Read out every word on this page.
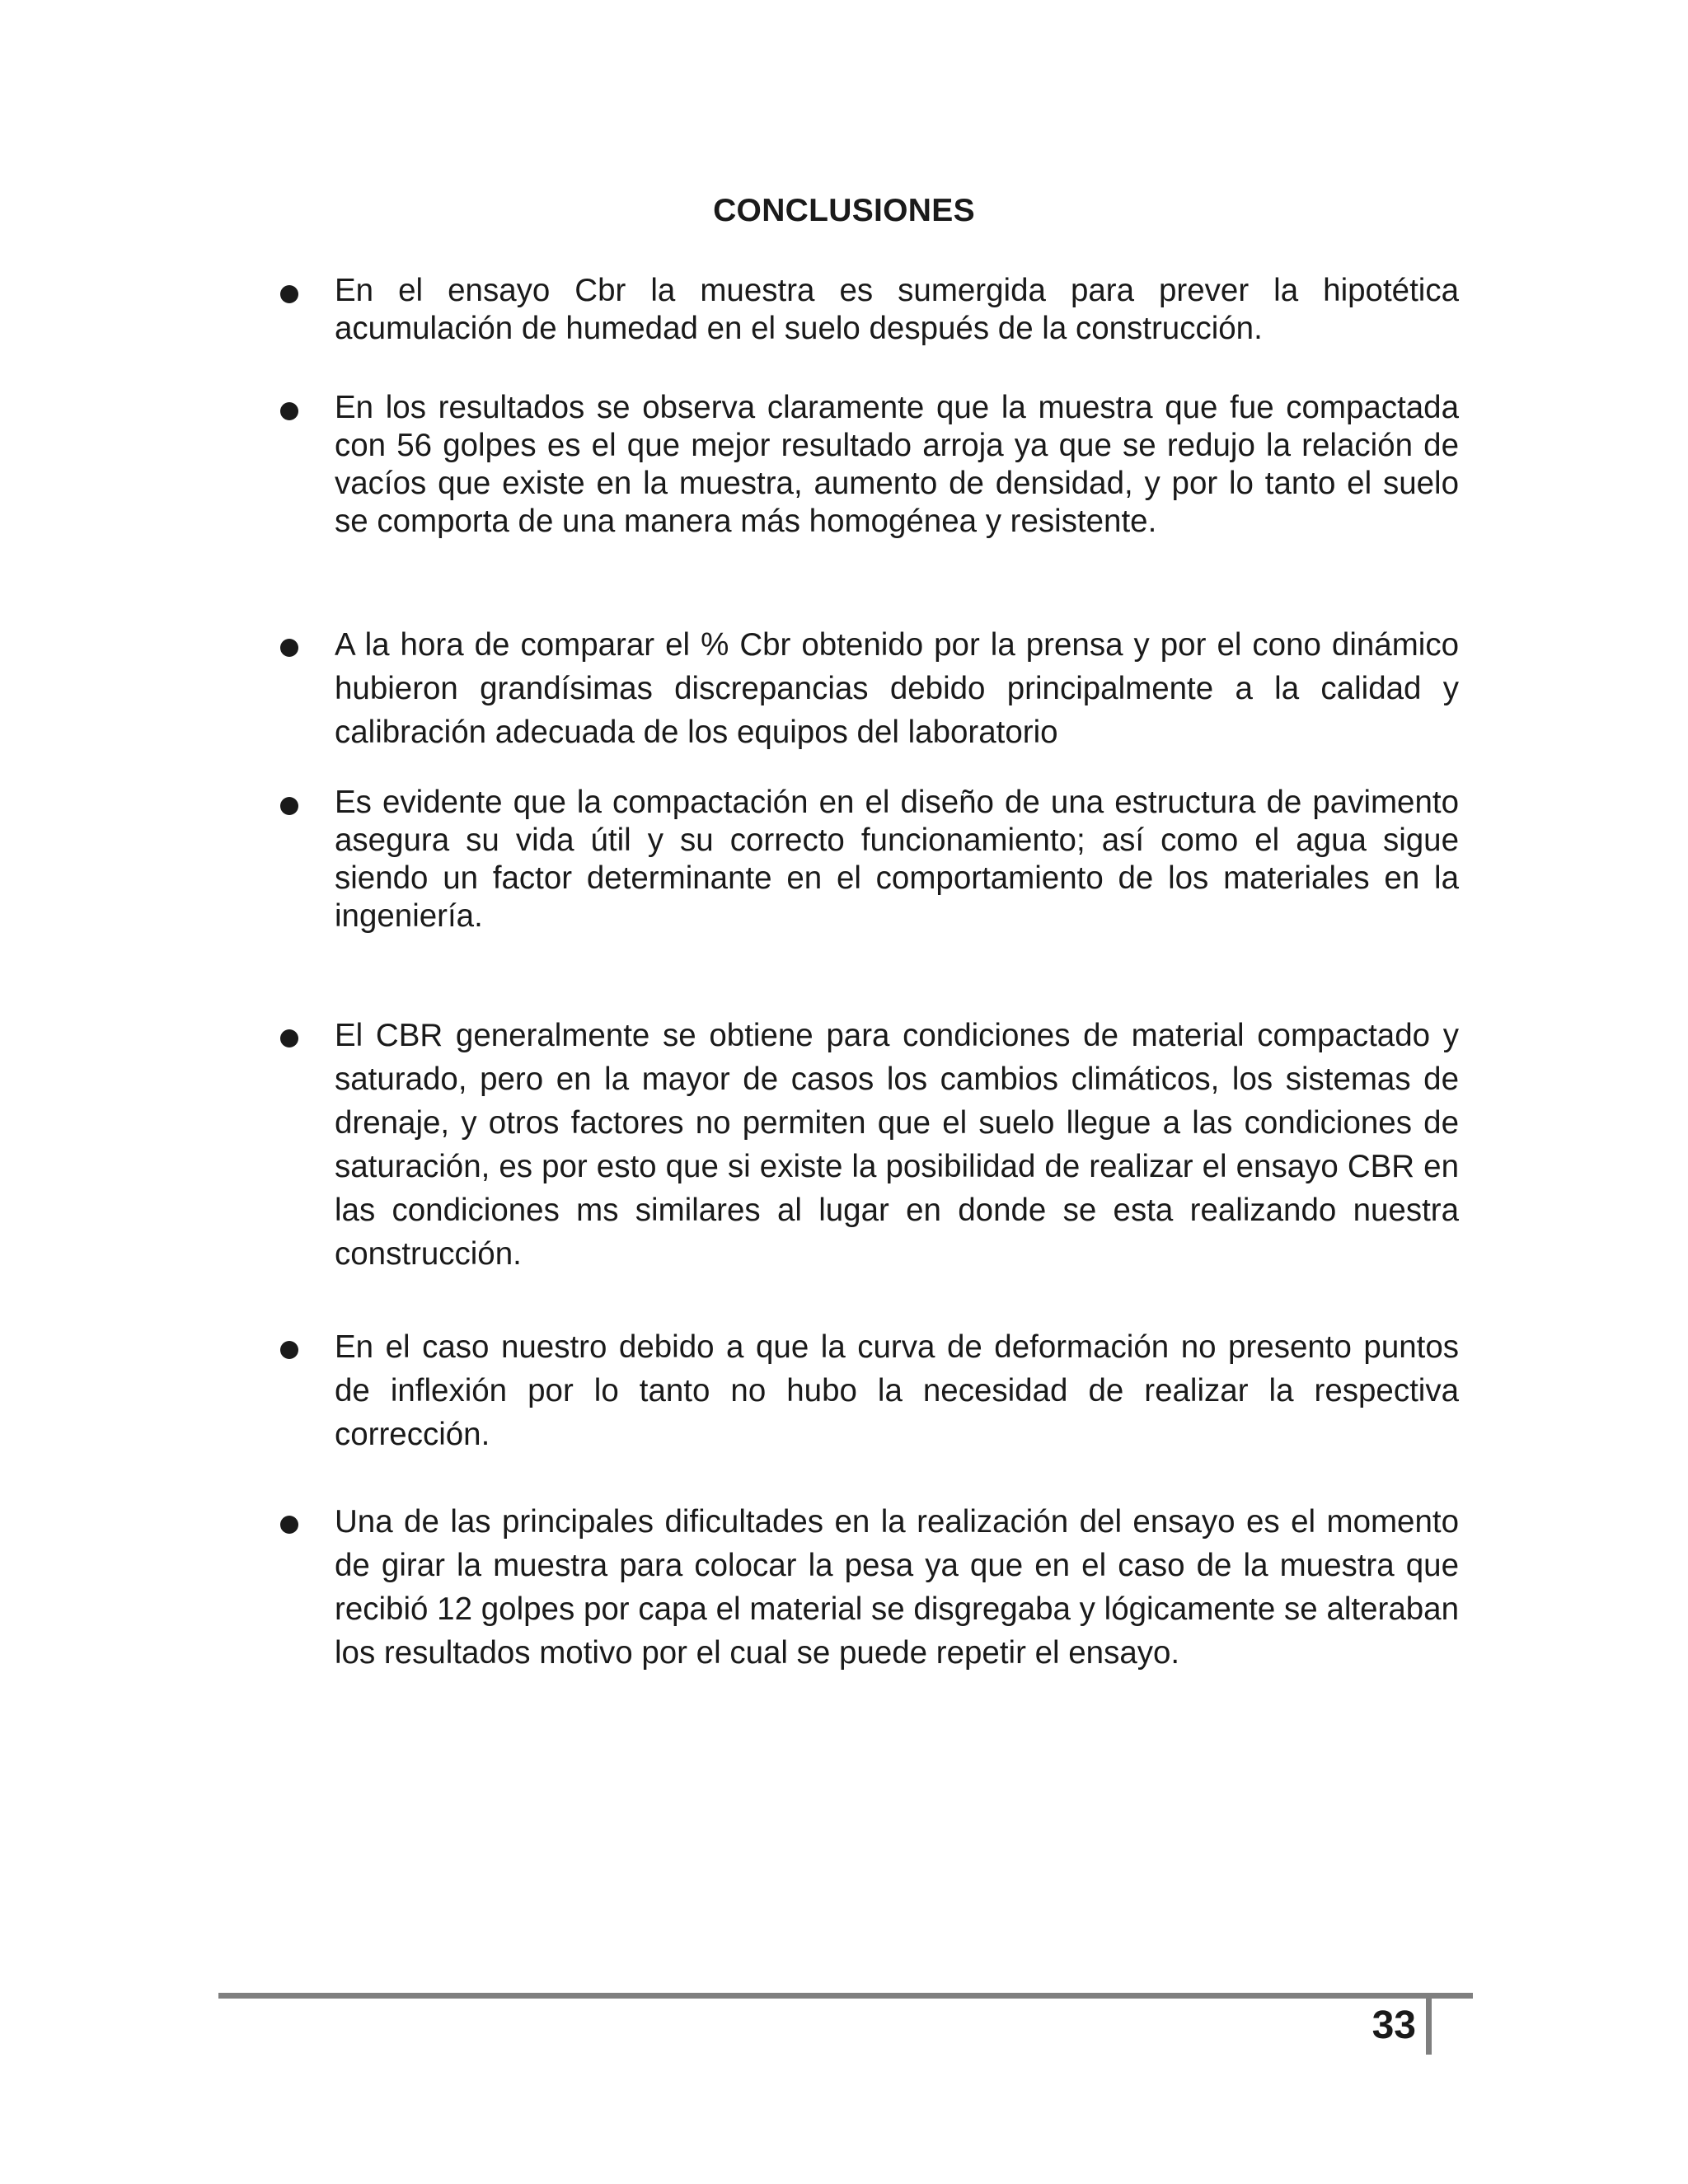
CONCLUSIONES
En el ensayo Cbr la muestra es sumergida para prever la hipotética acumulación de humedad en el suelo después de la construcción.
En los resultados se observa claramente que la muestra que fue compactada con 56 golpes es el que mejor resultado arroja ya que se redujo la relación de vacíos que existe en la muestra, aumento de densidad, y por lo tanto el suelo se comporta de una manera más homogénea y resistente.
A la hora de comparar el % Cbr obtenido por la prensa y por el cono dinámico hubieron grandísimas discrepancias debido principalmente a la calidad y calibración adecuada de los equipos del laboratorio
Es evidente que la compactación en el diseño de una estructura de pavimento asegura su vida útil y su correcto funcionamiento; así como el agua sigue siendo un factor determinante en el comportamiento de los materiales en la ingeniería.
El CBR generalmente se obtiene para condiciones de material compactado y saturado, pero en la mayor de casos los cambios climáticos, los sistemas de drenaje, y otros factores no permiten que el suelo llegue a las condiciones de saturación, es por esto que si existe la posibilidad de realizar el ensayo CBR en las condiciones ms similares al lugar en donde se esta realizando nuestra construcción.
En el caso nuestro debido a que la curva de deformación no presento puntos de inflexión por lo tanto no hubo la necesidad de realizar la respectiva corrección.
Una de las principales dificultades en la realización del ensayo es el momento de girar la muestra para colocar la pesa ya que en el caso de la muestra que recibió 12 golpes por capa el material se disgregaba y lógicamente se alteraban los resultados motivo por el cual se puede repetir el ensayo.
33
